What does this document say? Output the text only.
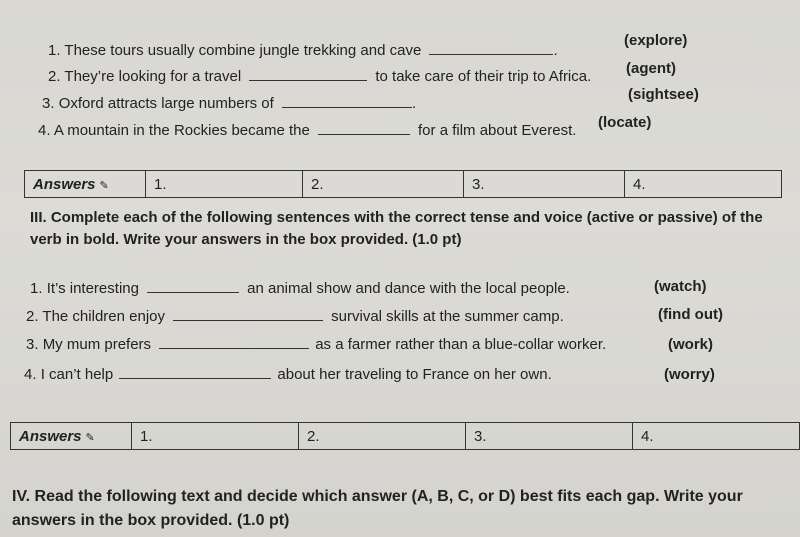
1. These tours usually combine jungle trekking and cave	.
(explore)
2. They’re looking for a travel	to take care of their trip to Africa. (agent)
3. Oxford attracts large numbers of	.
(sightsee)
4. A mountain in the Rockies became the	for a film about Everest. (locate)
Answers ✎	1.	2.	3.	4.
III. Complete each of the following sentences with the correct tense and voice (active or passive) of the verb in bold. Write your answers in the box provided. (1.0 pt)
1. It’s interesting	an animal show and dance with the local people.	(watch)
2. The children enjoy	survival skills at the summer camp.	(find out)
3. My mum prefers	as a farmer rather than a blue-collar worker.	(work)
4. I can’t help	about her traveling to France on her own.	(worry)
Answers ✎	1.	2.	3.	4.
IV. Read the following text and decide which answer (A, B, C, or D) best fits each gap. Write your answers in the box provided. (1.0 pt)
